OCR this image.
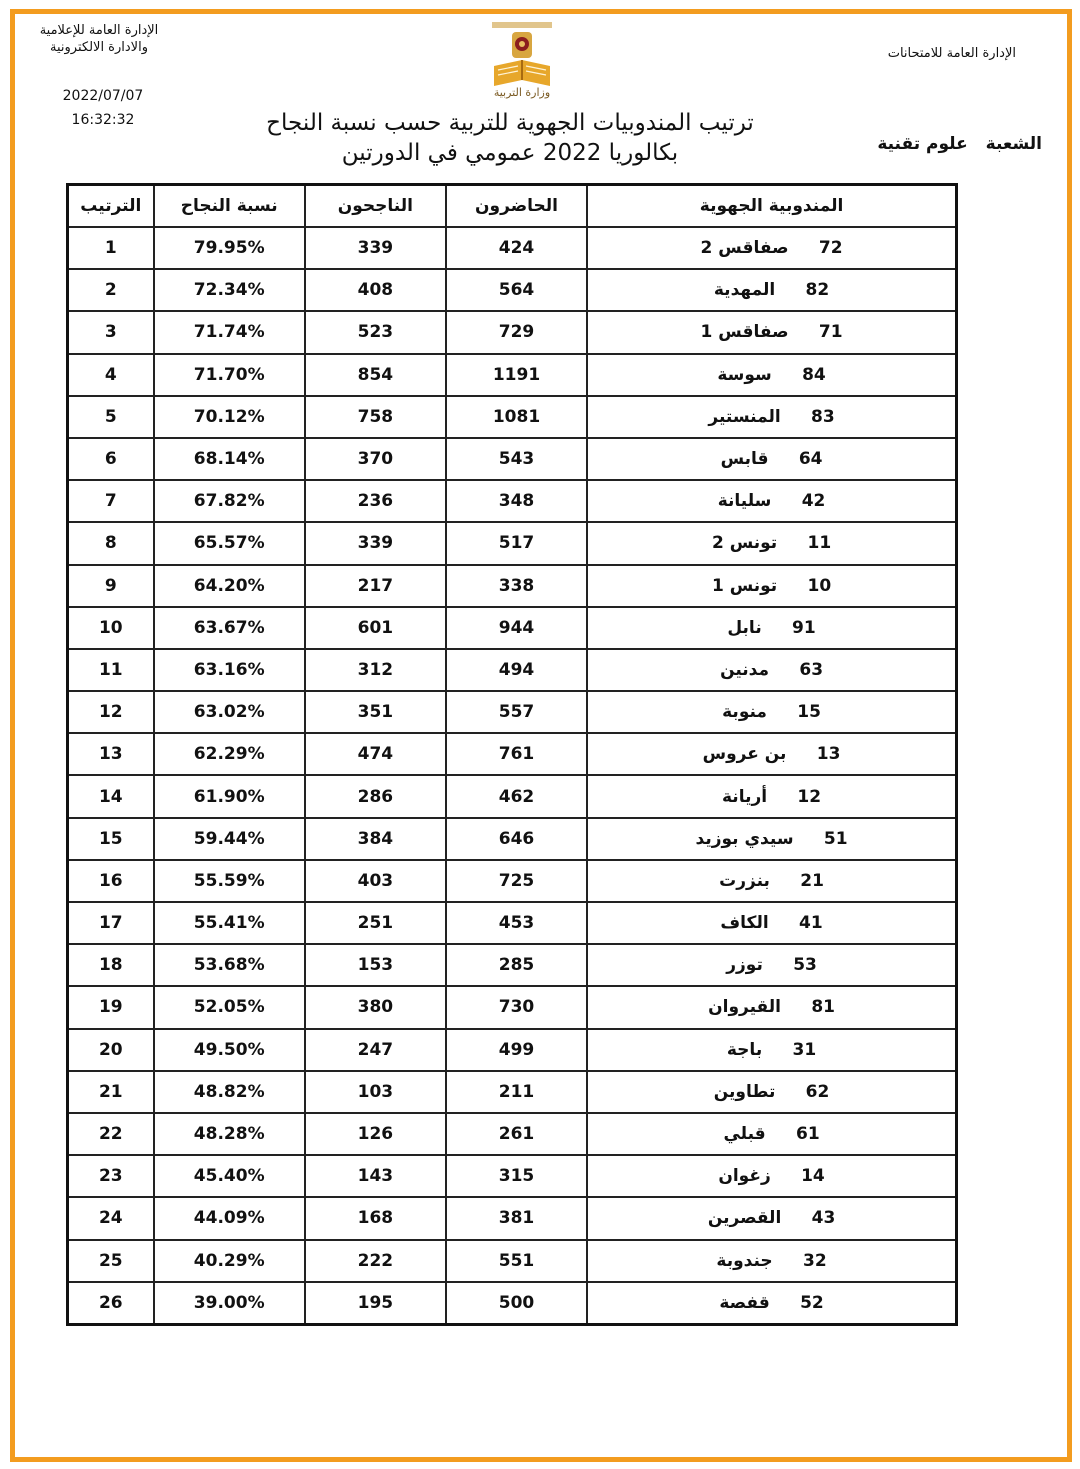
الإدارة العامة للإعلامية
والادارة الالكترونية
2022/07/07
16:32:32
الإدارة العامة للامتحانات
وزارة التربية
ترتيب المندوبيات الجهوية للتربية حسب نسبة النجاح
بكالوريا 2022 عمومي في الدورتين	الشعبة علوم تقنية
المندوبية الجهوية	الحاضرون	الناجحون	نسبة النجاح	الترتيب
72صفاقس 2	424	339	79.95%	1
82المهدية	564	408	72.34%	2
71صفاقس 1	729	523	71.74%	3
84سوسة	1191	854	71.70%	4
83المنستير	1081	758	70.12%	5
64قابس	543	370	68.14%	6
42سليانة	348	236	67.82%	7
11تونس 2	517	339	65.57%	8
10تونس 1	338	217	64.20%	9
91نابل	944	601	63.67%	10
63مدنين	494	312	63.16%	11
15منوبة	557	351	63.02%	12
13بن عروس	761	474	62.29%	13
12أريانة	462	286	61.90%	14
51سيدي بوزيد	646	384	59.44%	15
21بنزرت	725	403	55.59%	16
41الكاف	453	251	55.41%	17
53توزر	285	153	53.68%	18
81القيروان	730	380	52.05%	19
31باجة	499	247	49.50%	20
62تطاوين	211	103	48.82%	21
61قبلي	261	126	48.28%	22
14زغوان	315	143	45.40%	23
43القصرين	381	168	44.09%	24
32جندوبة	551	222	40.29%	25
52قفصة	500	195	39.00%	26
